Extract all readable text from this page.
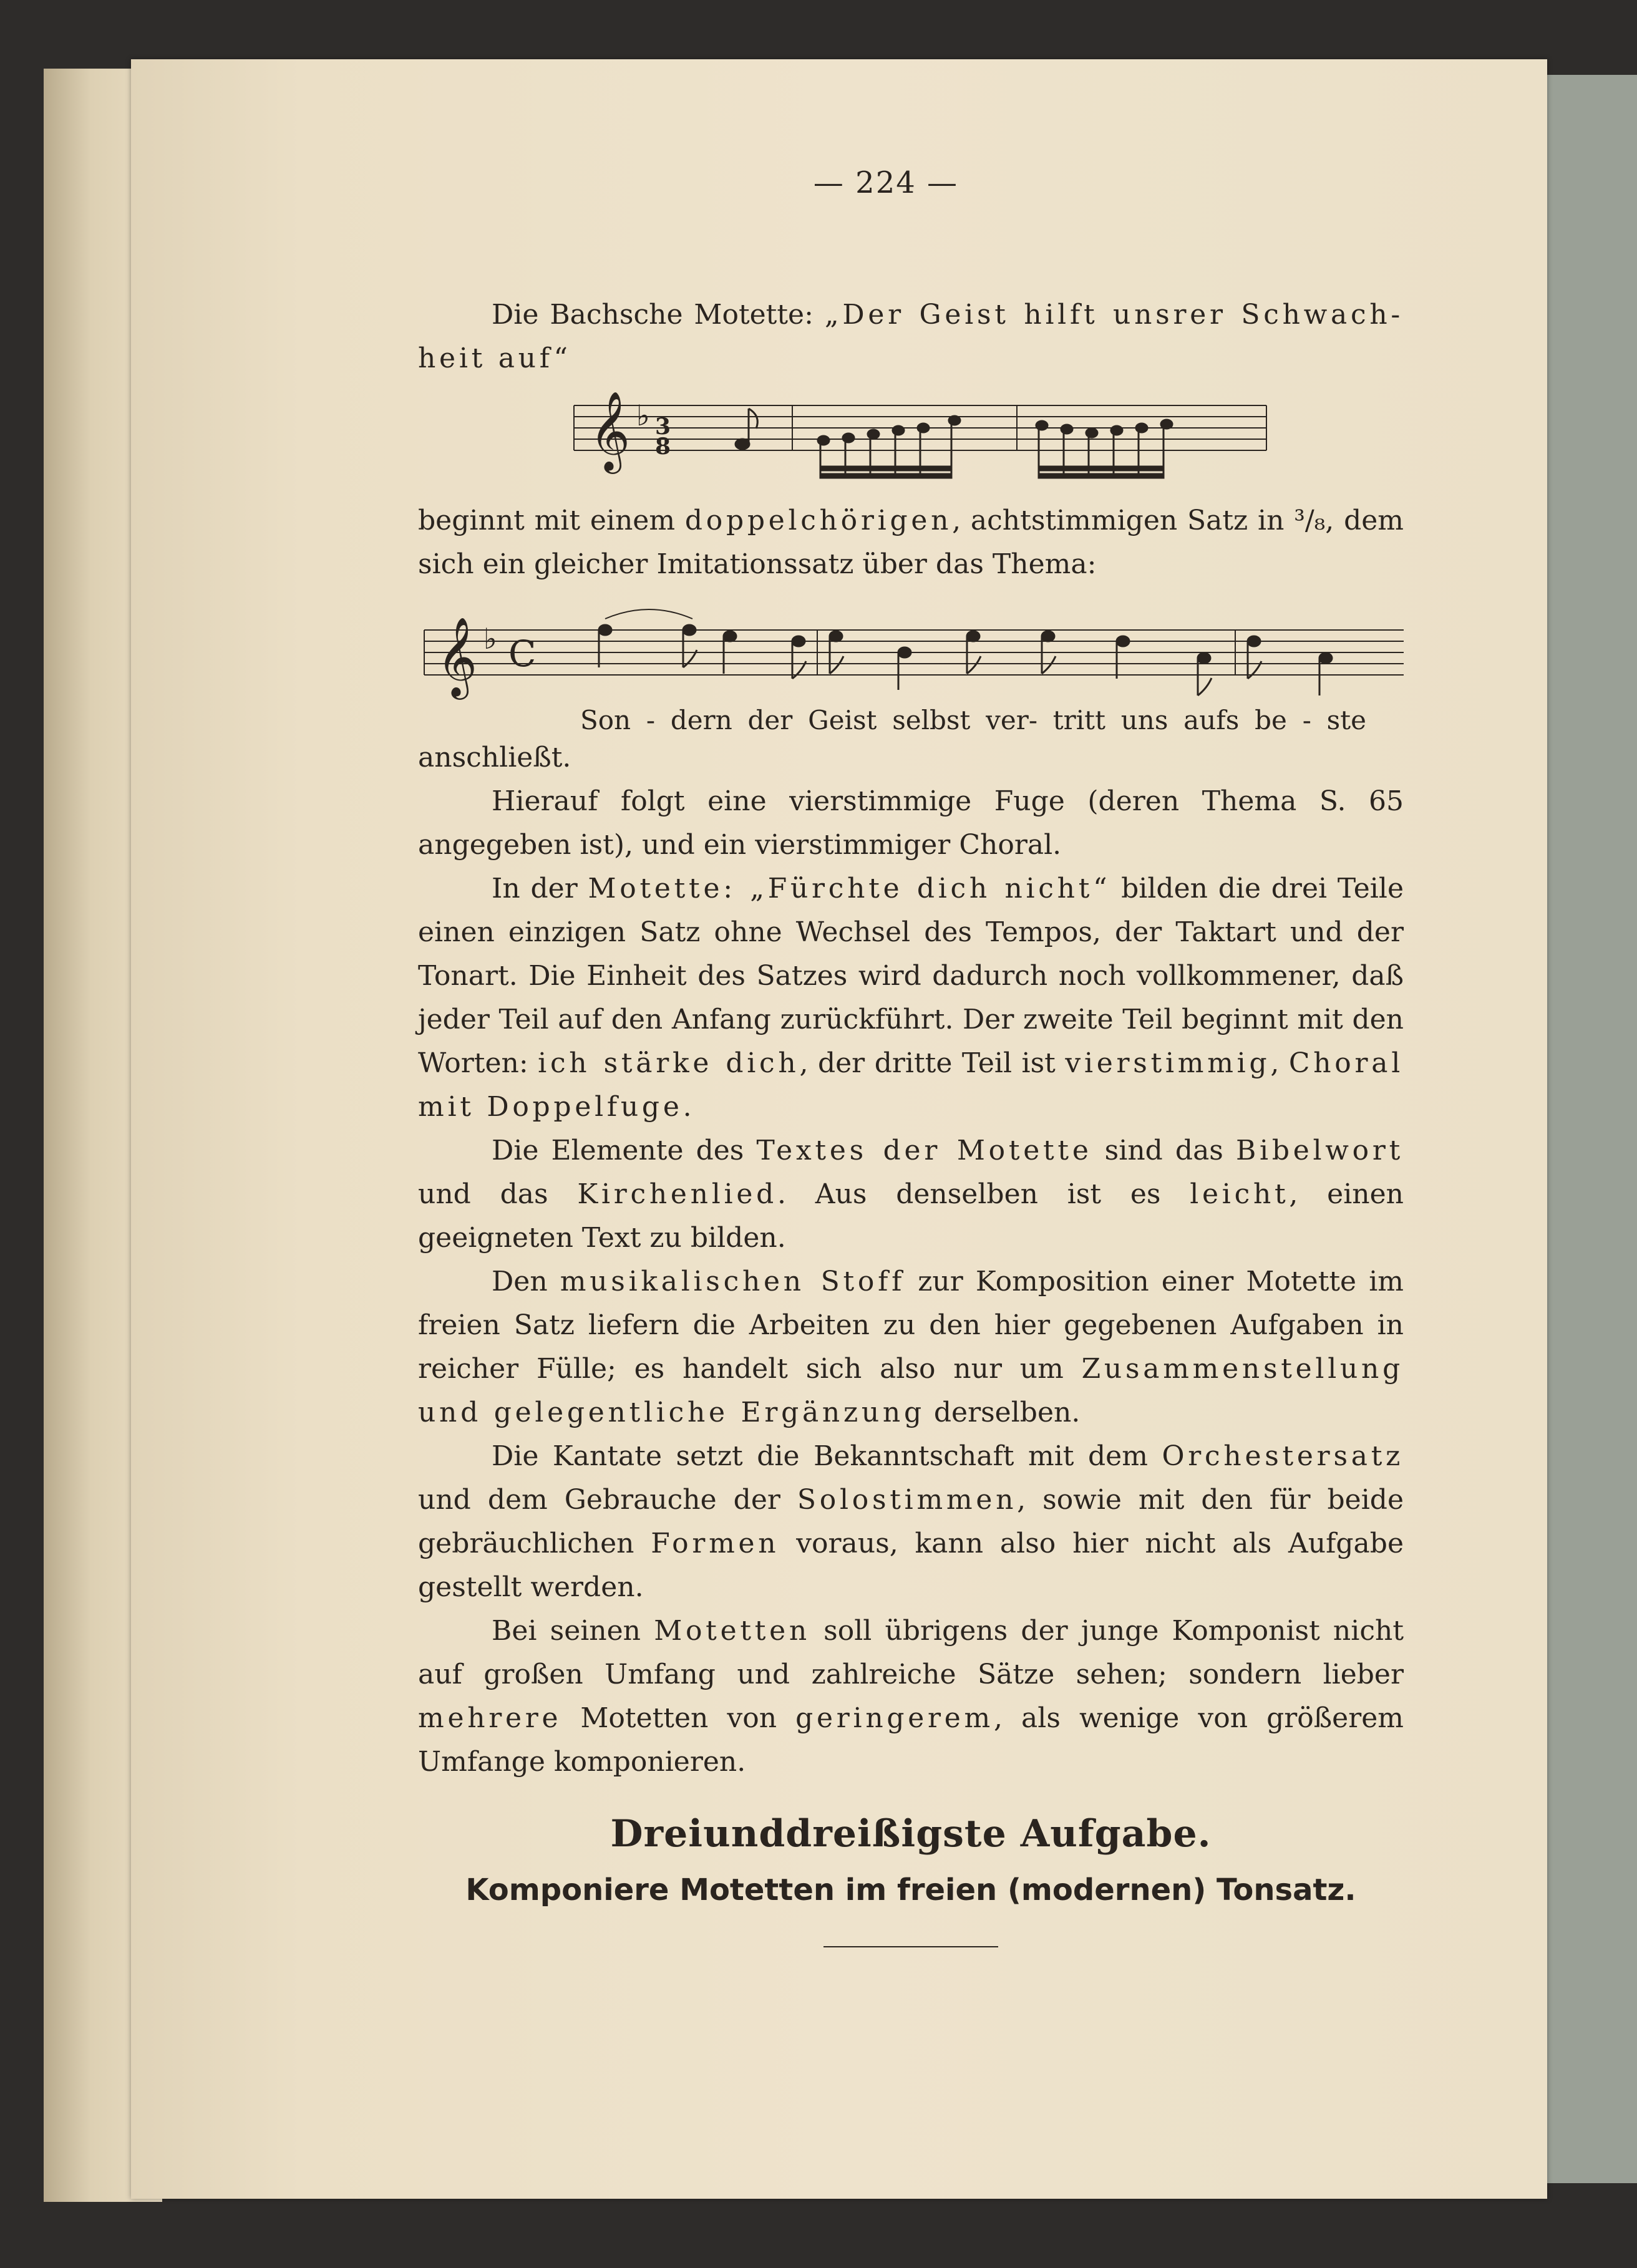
— 224 —

Die Bachsche Motette: „Der Geist hilft unsrer Schwach-heit auf“

𝄞 ♭ 3
8

beginnt mit einem doppelchörigen, achtstimmigen Satz in ³/₈, dem sich ein gleicher Imitationssatz über das Thema:

𝄞 ♭ C
Son - dern der Geist selbst ver- tritt uns aufs be - ste

anschließt.

Hierauf folgt eine vierstimmige Fuge (deren Thema S. 65 angegeben ist), und ein vierstimmiger Choral.

In der Motette: „Fürchte dich nicht“ bilden die drei Teile einen einzigen Satz ohne Wechsel des Tempos, der Taktart und der Tonart. Die Einheit des Satzes wird dadurch noch vollkommener, daß jeder Teil auf den Anfang zurückführt. Der zweite Teil beginnt mit den Worten: ich stärke dich, der dritte Teil ist vierstimmig, Choral mit Doppelfuge.

Die Elemente des Textes der Motette sind das Bibelwort und das Kirchenlied. Aus denselben ist es leicht, einen geeigneten Text zu bilden.

Den musikalischen Stoff zur Komposition einer Motette im freien Satz liefern die Arbeiten zu den hier gegebenen Aufgaben in reicher Fülle; es handelt sich also nur um Zusammenstellung und gelegentliche Ergänzung derselben.

Die Kantate setzt die Bekanntschaft mit dem Orchestersatz und dem Gebrauche der Solostimmen, sowie mit den für beide gebräuchlichen Formen voraus, kann also hier nicht als Aufgabe gestellt werden.

Bei seinen Motetten soll übrigens der junge Komponist nicht auf großen Umfang und zahlreiche Sätze sehen; sondern lieber mehrere Motetten von geringerem, als wenige von größerem Umfange komponieren.

Dreiunddreißigste Aufgabe.
Komponiere Motetten im freien (modernen) Tonsatz.
